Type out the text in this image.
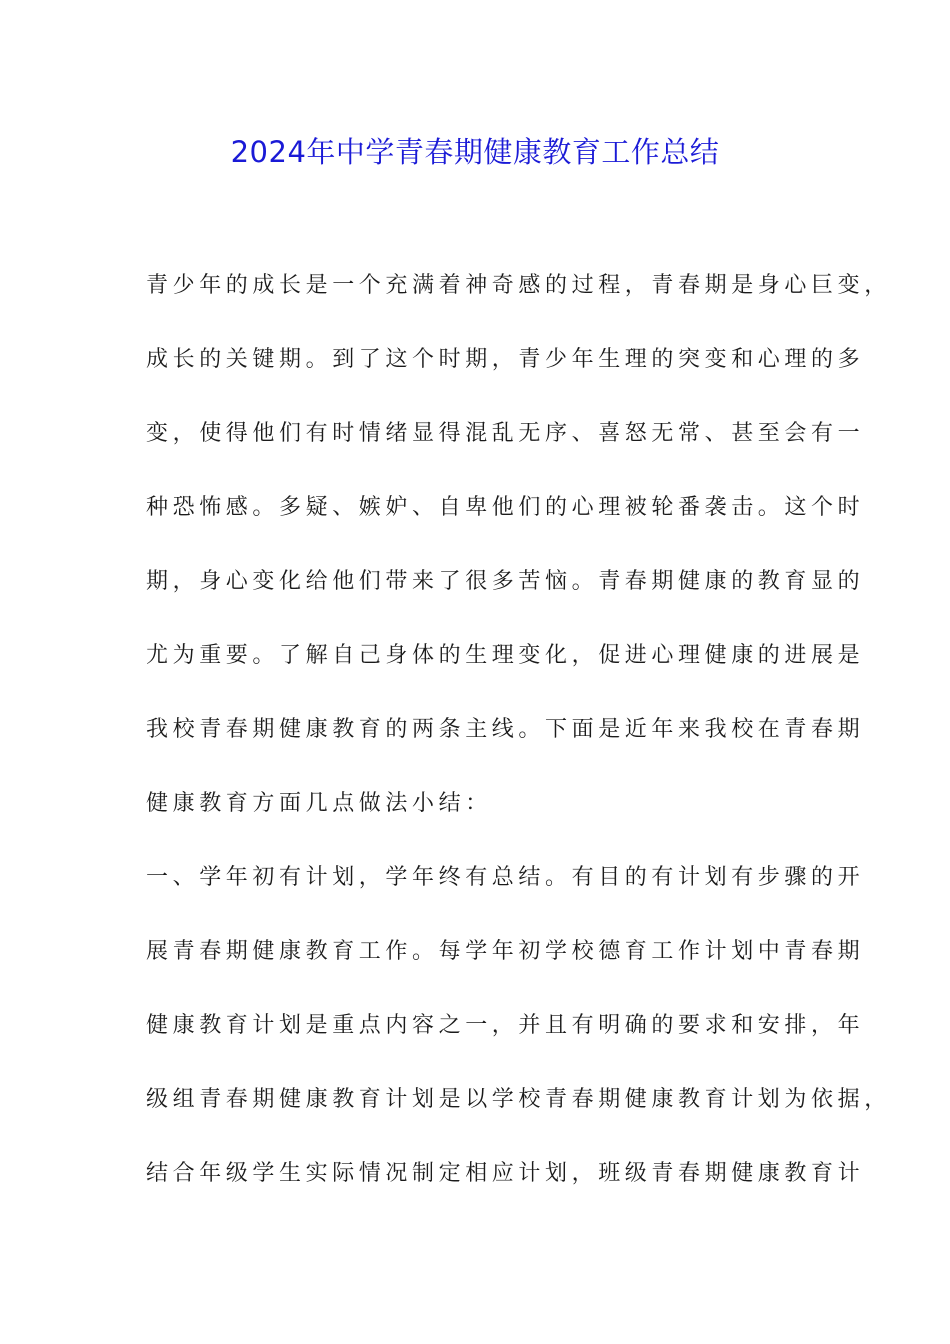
2024年中学青春期健康教育工作总结
青少年的成长是一个充满着神奇感的过程，青春期是身心巨变，
成长的关键期。到了这个时期，青少年生理的突变和心理的多
变，使得他们有时情绪显得混乱无序、喜怒无常、甚至会有一
种恐怖感。多疑、嫉妒、自卑他们的心理被轮番袭击。这个时
期，身心变化给他们带来了很多苦恼。青春期健康的教育显的
尤为重要。了解自己身体的生理变化，促进心理健康的进展是
我校青春期健康教育的两条主线。下面是近年来我校在青春期
健康教育方面几点做法小结：
一、学年初有计划，学年终有总结。有目的有计划有步骤的开
展青春期健康教育工作。每学年初学校德育工作计划中青春期
健康教育计划是重点内容之一，并且有明确的要求和安排，年
级组青春期健康教育计划是以学校青春期健康教育计划为依据，
结合年级学生实际情况制定相应计划，班级青春期健康教育计
